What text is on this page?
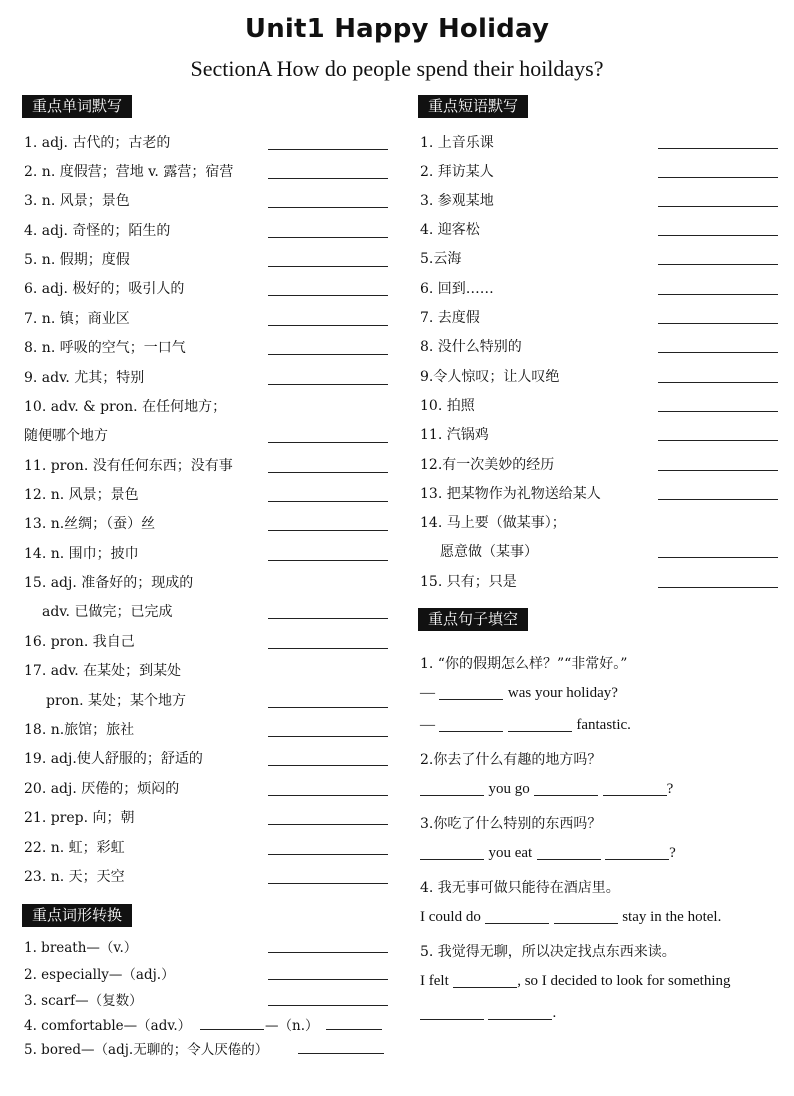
Unit1 Happy Holiday
SectionA How do people spend their hoildays?
重点单词默写
1. adj. 古代的；古老的
2. n. 度假营；营地 v. 露营；宿营
3. n. 风景；景色
4. adj. 奇怪的；陌生的
5. n. 假期；度假
6. adj. 极好的；吸引人的
7. n. 镇；商业区
8. n. 呼吸的空气；一口气
9. adv. 尤其；特别
10. adv. & pron. 在任何地方；
随便哪个地方
11. pron. 没有任何东西；没有事
12. n. 风景；景色
13. n.丝绸；（蚕）丝
14. n. 围巾；披巾
15. adj. 准备好的；现成的
adv. 已做完；已完成
16. pron. 我自己
17. adv. 在某处；到某处
pron. 某处；某个地方
18. n.旅馆；旅社
19. adj.使人舒服的；舒适的
20. adj. 厌倦的；烦闷的
21. prep. 向；朝
22. n. 虹；彩虹
23. n. 天；天空
重点词形转换
1. breath—（v.）
2. especially—（adj.）
3. scarf—（复数）
4. comfortable—（adv.）	—（n.）
5. bored—（adj.无聊的；令人厌倦的）
重点短语默写
1. 上音乐课
2. 拜访某人
3. 参观某地
4. 迎客松
5.云海
6. 回到……
7. 去度假
8. 没什么特别的
9.令人惊叹；让人叹绝
10. 拍照
11. 汽锅鸡
12.有一次美妙的经历
13. 把某物作为礼物送给某人
14. 马上要（做某事）；
愿意做（某事）
15. 只有；只是
重点句子填空
1. “你的假期怎么样？”“非常好。”
—	was your holiday?
—	fantastic.
2.你去了什么有趣的地方吗？
you go	?
3.你吃了什么特别的东西吗？
you eat	?
4. 我无事可做只能待在酒店里。
I could do	stay in the hotel.
5. 我觉得无聊，所以决定找点东西来读。
I felt	, so I decided to look for something
.
